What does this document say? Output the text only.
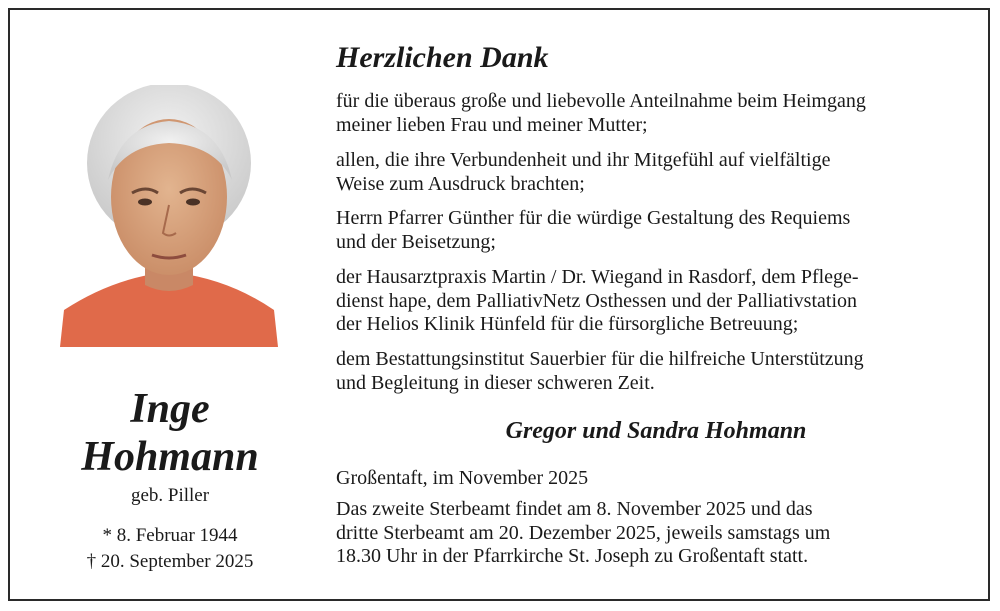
Inge
Hohmann
geb. Piller
* 8. Februar 1944
† 20. September 2025
Herzlichen Dank
für die überaus große und liebevolle Anteilnahme beim Heimgang
meiner lieben Frau und meiner Mutter;
allen, die ihre Verbundenheit und ihr Mitgefühl auf vielfältige
Weise zum Ausdruck brachten;
Herrn Pfarrer Günther für die würdige Gestaltung des Requiems
und der Beisetzung;
der Hausarztpraxis Martin / Dr. Wiegand in Rasdorf, dem Pflege-
dienst hape, dem PalliativNetz Osthessen und der Palliativstation
der Helios Klinik Hünfeld für die fürsorgliche Betreuung;
dem Bestattungsinstitut Sauerbier für die hilfreiche Unterstützung
und Begleitung in dieser schweren Zeit.
Gregor und Sandra Hohmann
Großentaft, im November 2025
Das zweite Sterbeamt findet am 8. November 2025 und das
dritte Sterbeamt am 20. Dezember 2025, jeweils samstags um
18.30 Uhr in der Pfarrkirche St. Joseph zu Großentaft statt.
